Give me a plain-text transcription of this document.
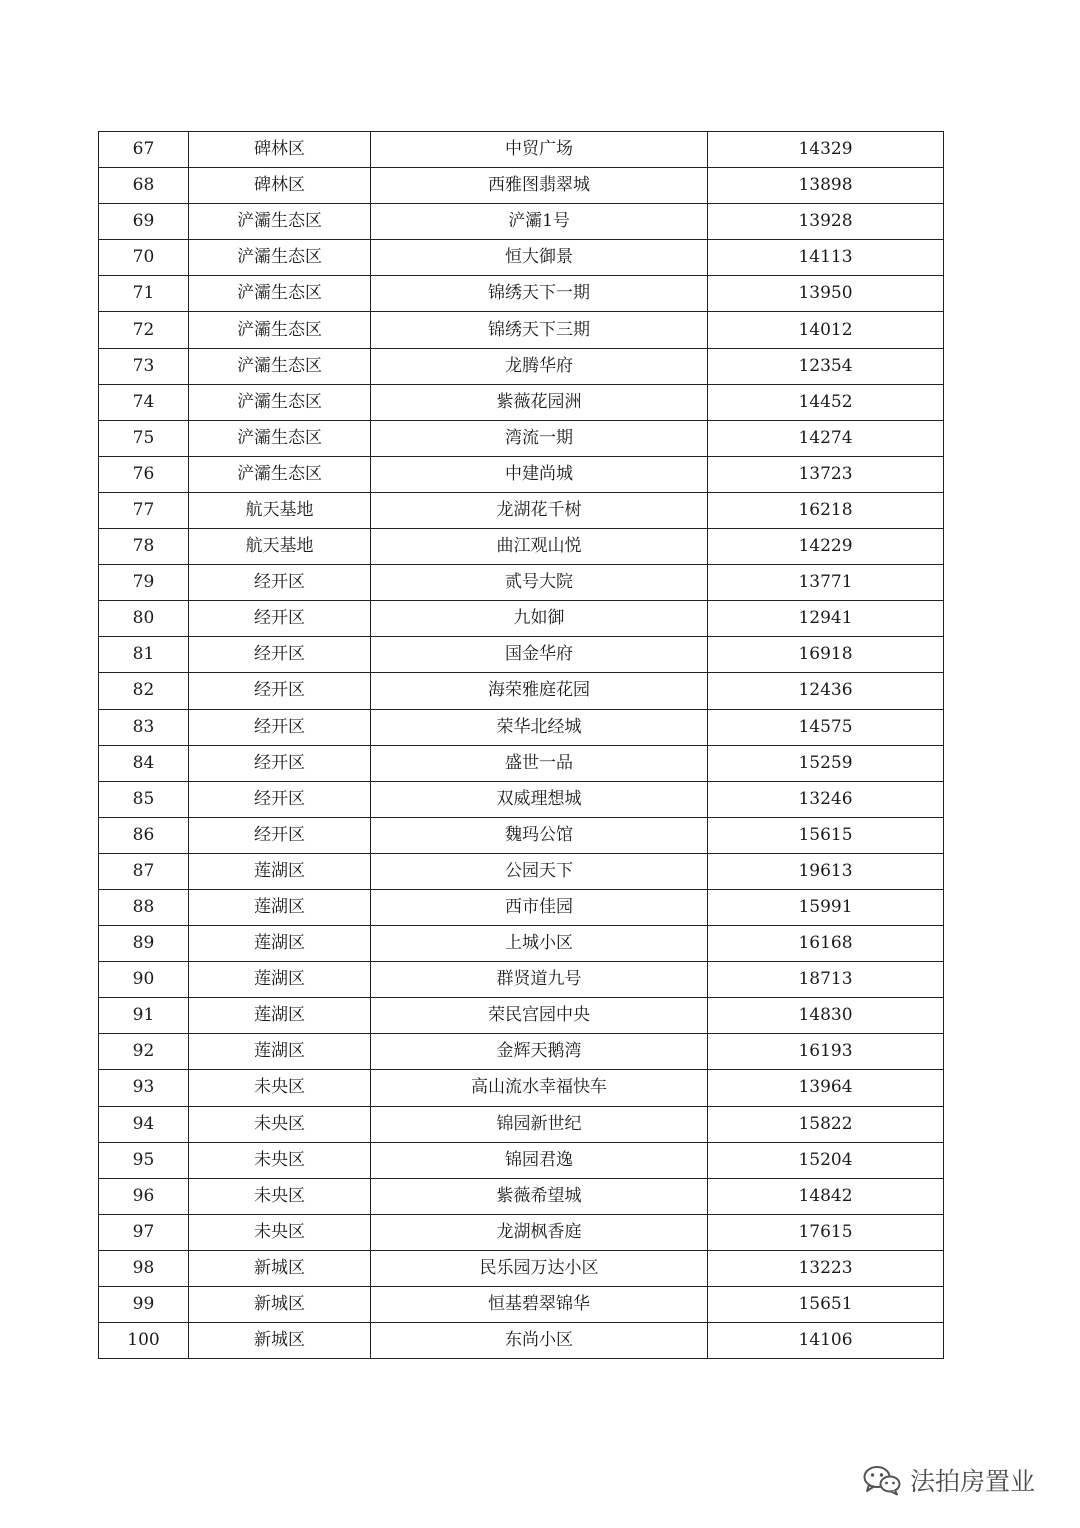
67	碑林区	中贸广场	14329
68	碑林区	西雅图翡翠城	13898
69	浐灞生态区	浐灞1号	13928
70	浐灞生态区	恒大御景	14113
71	浐灞生态区	锦绣天下一期	13950
72	浐灞生态区	锦绣天下三期	14012
73	浐灞生态区	龙腾华府	12354
74	浐灞生态区	紫薇花园洲	14452
75	浐灞生态区	湾流一期	14274
76	浐灞生态区	中建尚城	13723
77	航天基地	龙湖花千树	16218
78	航天基地	曲江观山悦	14229
79	经开区	贰号大院	13771
80	经开区	九如御	12941
81	经开区	国金华府	16918
82	经开区	海荣雅庭花园	12436
83	经开区	荣华北经城	14575
84	经开区	盛世一品	15259
85	经开区	双威理想城	13246
86	经开区	魏玛公馆	15615
87	莲湖区	公园天下	19613
88	莲湖区	西市佳园	15991
89	莲湖区	上城小区	16168
90	莲湖区	群贤道九号	18713
91	莲湖区	荣民宫园中央	14830
92	莲湖区	金辉天鹅湾	16193
93	未央区	高山流水幸福快车	13964
94	未央区	锦园新世纪	15822
95	未央区	锦园君逸	15204
96	未央区	紫薇希望城	14842
97	未央区	龙湖枫香庭	17615
98	新城区	民乐园万达小区	13223
99	新城区	恒基碧翠锦华	15651
100	新城区	东尚小区	14106
法拍房置业
